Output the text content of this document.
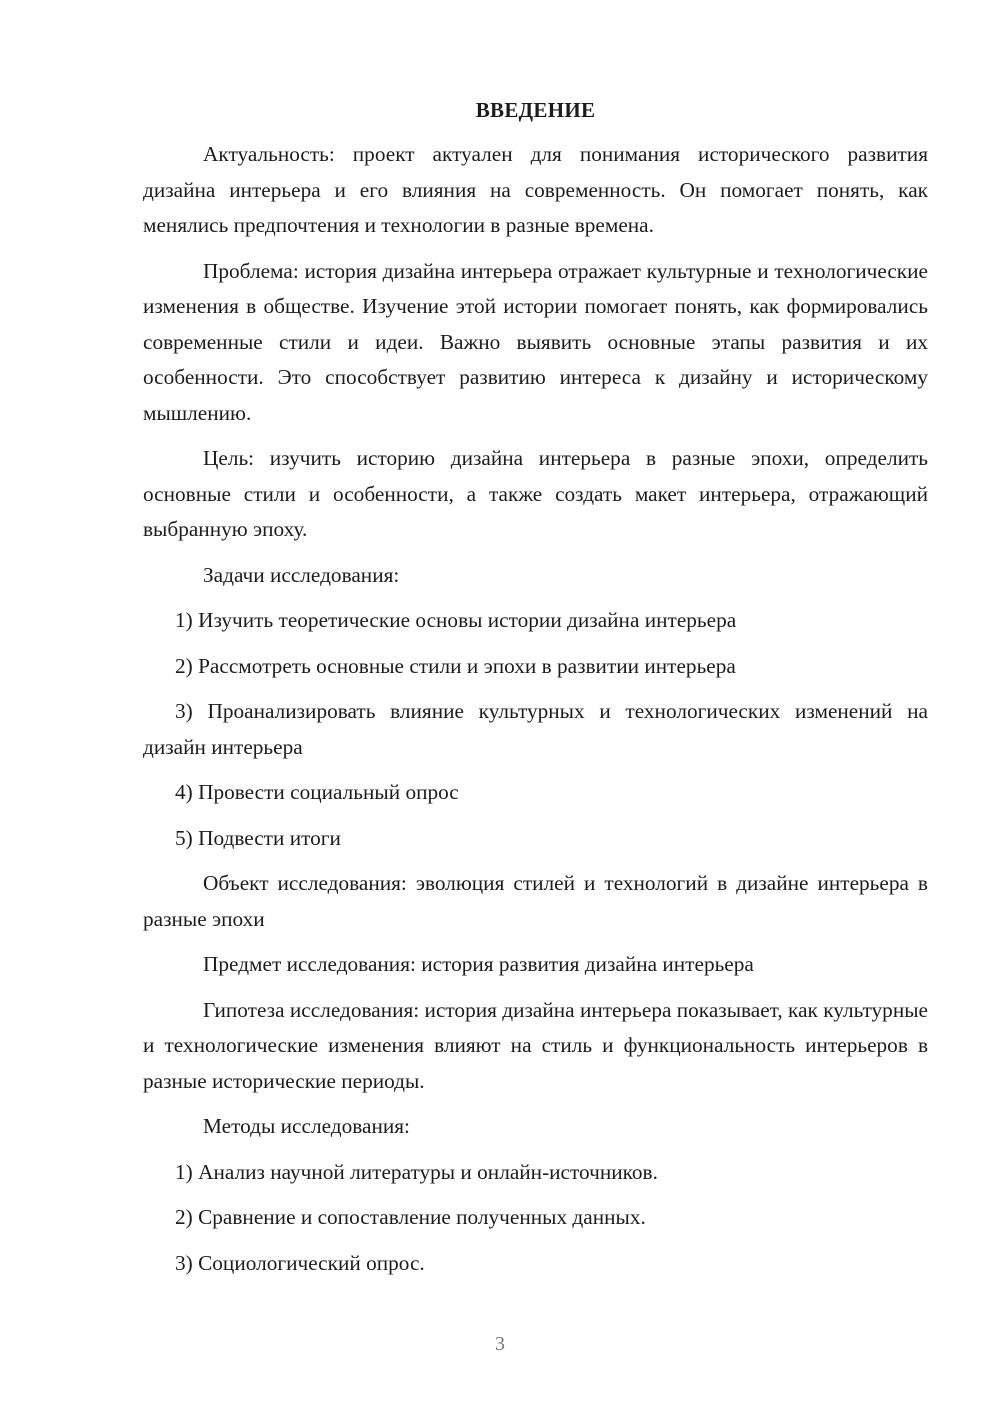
ВВЕДЕНИЕ

Актуальность: проект актуален для понимания исторического развития дизайна интерьера и его влияния на современность. Он помогает понять, как менялись предпочтения и технологии в разные времена.

Проблема: история дизайна интерьера отражает культурные и технологические изменения в обществе. Изучение этой истории помогает понять, как формировались современные стили и идеи. Важно выявить основные этапы развития и их особенности. Это способствует развитию интереса к дизайну и историческому мышлению.

Цель: изучить историю дизайна интерьера в разные эпохи, определить основные стили и особенности, а также создать макет интерьера, отражающий выбранную эпоху.

Задачи исследования:

1) Изучить теоретические основы истории дизайна интерьера

2) Рассмотреть основные стили и эпохи в развитии интерьера

3) Проанализировать влияние культурных и технологических изменений на дизайн интерьера

4) Провести социальный опрос

5) Подвести итоги

Объект исследования: эволюция стилей и технологий в дизайне интерьера в разные эпохи

Предмет исследования: история развития дизайна интерьера

Гипотеза исследования: история дизайна интерьера показывает, как культурные и технологические изменения влияют на стиль и функциональность интерьеров в разные исторические периоды.

Методы исследования:

1) Анализ научной литературы и онлайн-источников.

2) Сравнение и сопоставление полученных данных.

3) Социологический опрос.

3
